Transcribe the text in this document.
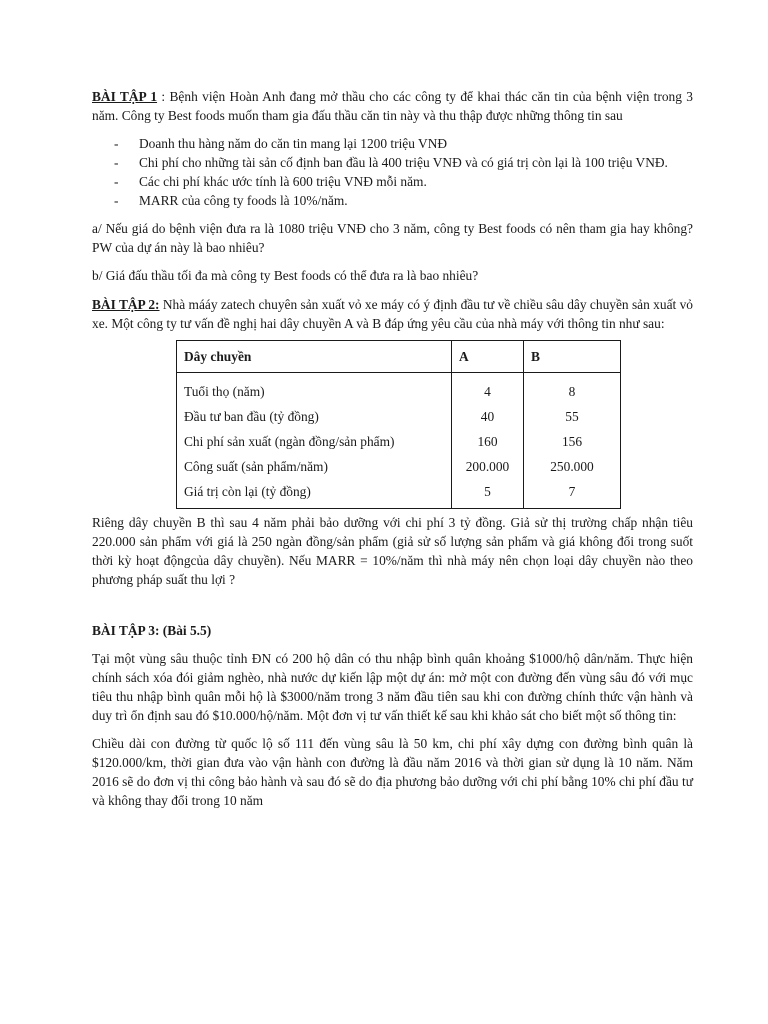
BÀI TẬP 1 : Bệnh viện Hoàn Anh đang mở thầu cho các công ty để khai thác căn tin của bệnh viện trong 3 năm. Công ty Best foods muốn tham gia đấu thầu căn tin này và thu thập được những thông tin sau

- Doanh thu hàng năm do căn tin mang lại 1200 triệu VNĐ
- Chi phí cho những tài sản cố định ban đầu là 400 triệu VNĐ và có giá trị còn lại là 100 triệu VNĐ.
- Các chi phí khác ước tính là 600 triệu VNĐ mỗi năm.
- MARR của công ty foods là 10%/năm.

a/ Nếu giá do bệnh viện đưa ra là 1080 triệu VNĐ cho 3 năm, công ty Best foods có nên tham gia hay không? PW của dự án này là bao nhiêu?

b/ Giá đấu thầu tối đa mà công ty Best foods có thể đưa ra là bao nhiêu?

BÀI TẬP 2: Nhà mááy zatech chuyên sản xuất vỏ xe máy có ý định đầu tư về chiều sâu dây chuyền sản xuất vỏ xe. Một công ty tư vấn đề nghị hai dây chuyền A và B đáp ứng yêu cầu của nhà máy với thông tin như sau:

Dây chuyền	A	B
Tuổi thọ (năm)	4	8
Đầu tư ban đầu (tỷ đồng)	40	55
Chi phí sản xuất (ngàn đồng/sản phẩm)	160	156
Công suất (sản phẩm/năm)	200.000	250.000
Giá trị còn lại (tỷ đồng)	5	7

Riêng dây chuyền B thì sau 4 năm phải bảo dưỡng với chi phí 3 tỷ đồng. Giả sử thị trường chấp nhận tiêu 220.000 sản phẩm với giá là 250 ngàn đồng/sản phẩm (giả sử số lượng sản phẩm và giá không đổi trong suốt thời kỳ hoạt độngcủa dây chuyền). Nếu MARR = 10%/năm thì nhà máy nên chọn loại dây chuyền nào theo phương pháp suất thu lợi ?

BÀI TẬP 3: (Bài 5.5)

Tại một vùng sâu thuộc tỉnh ĐN có 200 hộ dân có thu nhập bình quân khoảng $1000/hộ dân/năm. Thực hiện chính sách xóa đói giảm nghèo, nhà nước dự kiến lập một dự án: mở một con đường đến vùng sâu đó với mục tiêu thu nhập bình quân mỗi hộ là $3000/năm trong 3 năm đầu tiên sau khi con đường chính thức vận hành và duy trì ổn định sau đó $10.000/hộ/năm. Một đơn vị tư vấn thiết kế sau khi khảo sát cho biết một số thông tin:

Chiều dài con đường từ quốc lộ số 111 đến vùng sâu là 50 km, chi phí xây dựng con đường bình quân là $120.000/km, thời gian đưa vào vận hành con đường là đầu năm 2016 và thời gian sử dụng là 10 năm. Năm 2016 sẽ do đơn vị thi công bảo hành và sau đó sẽ do địa phương bảo dưỡng với chi phí bằng 10% chi phí đầu tư và không thay đổi trong 10 năm
